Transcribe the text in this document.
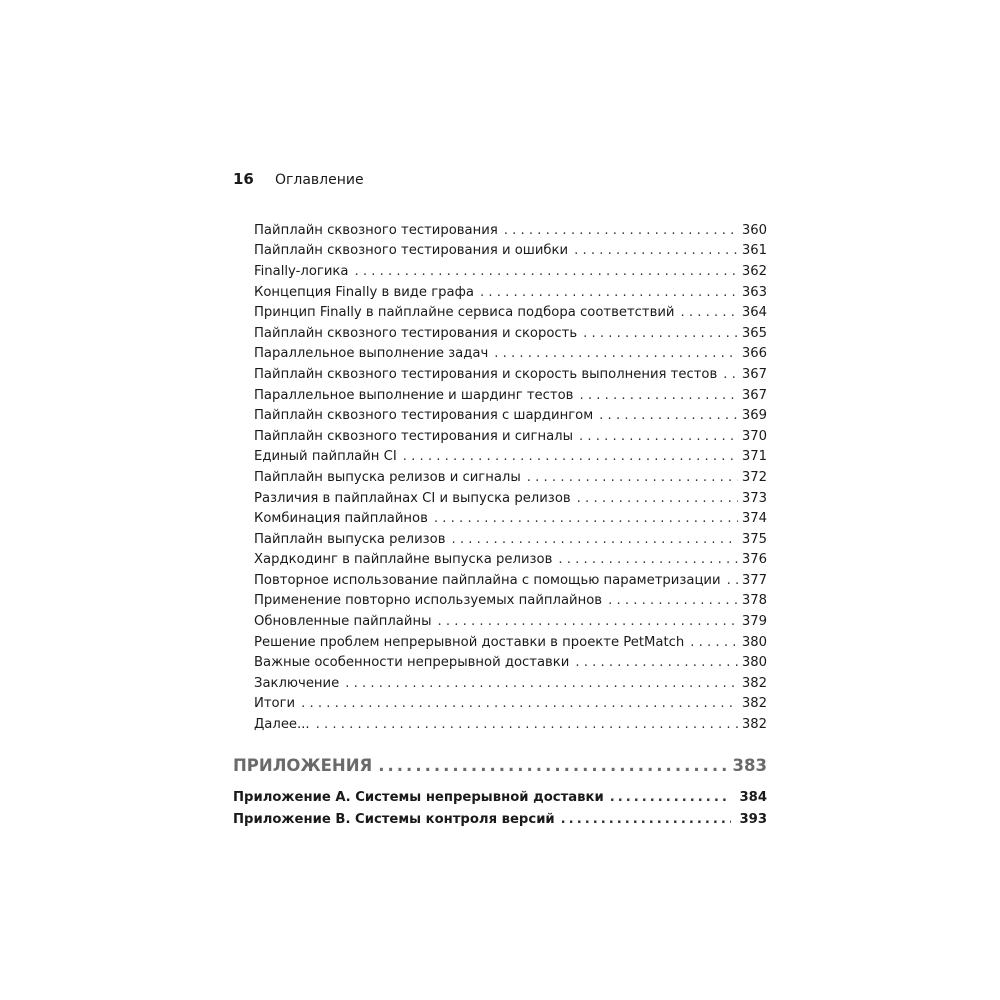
16	Оглавление
Пайплайн сквозного тестирования . . .	360
Пайплайн сквозного тестирования и ошибки . . .	361
Finally-логика . . .	362
Концепция Finally в виде графа . . .	363
Принцип Finally в пайплайне сервиса подбора соответствий . . .	364
Пайплайн сквозного тестирования и скорость . . .	365
Параллельное выполнение задач . . .	366
Пайплайн сквозного тестирования и скорость выполнения тестов . . .	367
Параллельное выполнение и шардинг тестов . . .	367
Пайплайн сквозного тестирования с шардингом . . .	369
Пайплайн сквозного тестирования и сигналы . . .	370
Единый пайплайн CI . . .	371
Пайплайн выпуска релизов и сигналы . . .	372
Различия в пайплайнах CI и выпуска релизов . . .	373
Комбинация пайплайнов . . .	374
Пайплайн выпуска релизов . . .	375
Хардкодинг в пайплайне выпуска релизов . . .	376
Повторное использование пайплайна с помощью параметризации . . .	377
Применение повторно используемых пайплайнов . . .	378
Обновленные пайплайны . . .	379
Решение проблем непрерывной доставки в проекте PetMatch . . .	380
Важные особенности непрерывной доставки . . .	380
Заключение . . .	382
Итоги . . .	382
Далее... . . .	382
ПРИЛОЖЕНИЯ .....	383
Приложение А. Системы непрерывной доставки .....	384
Приложение В. Системы контроля версий .....	393
